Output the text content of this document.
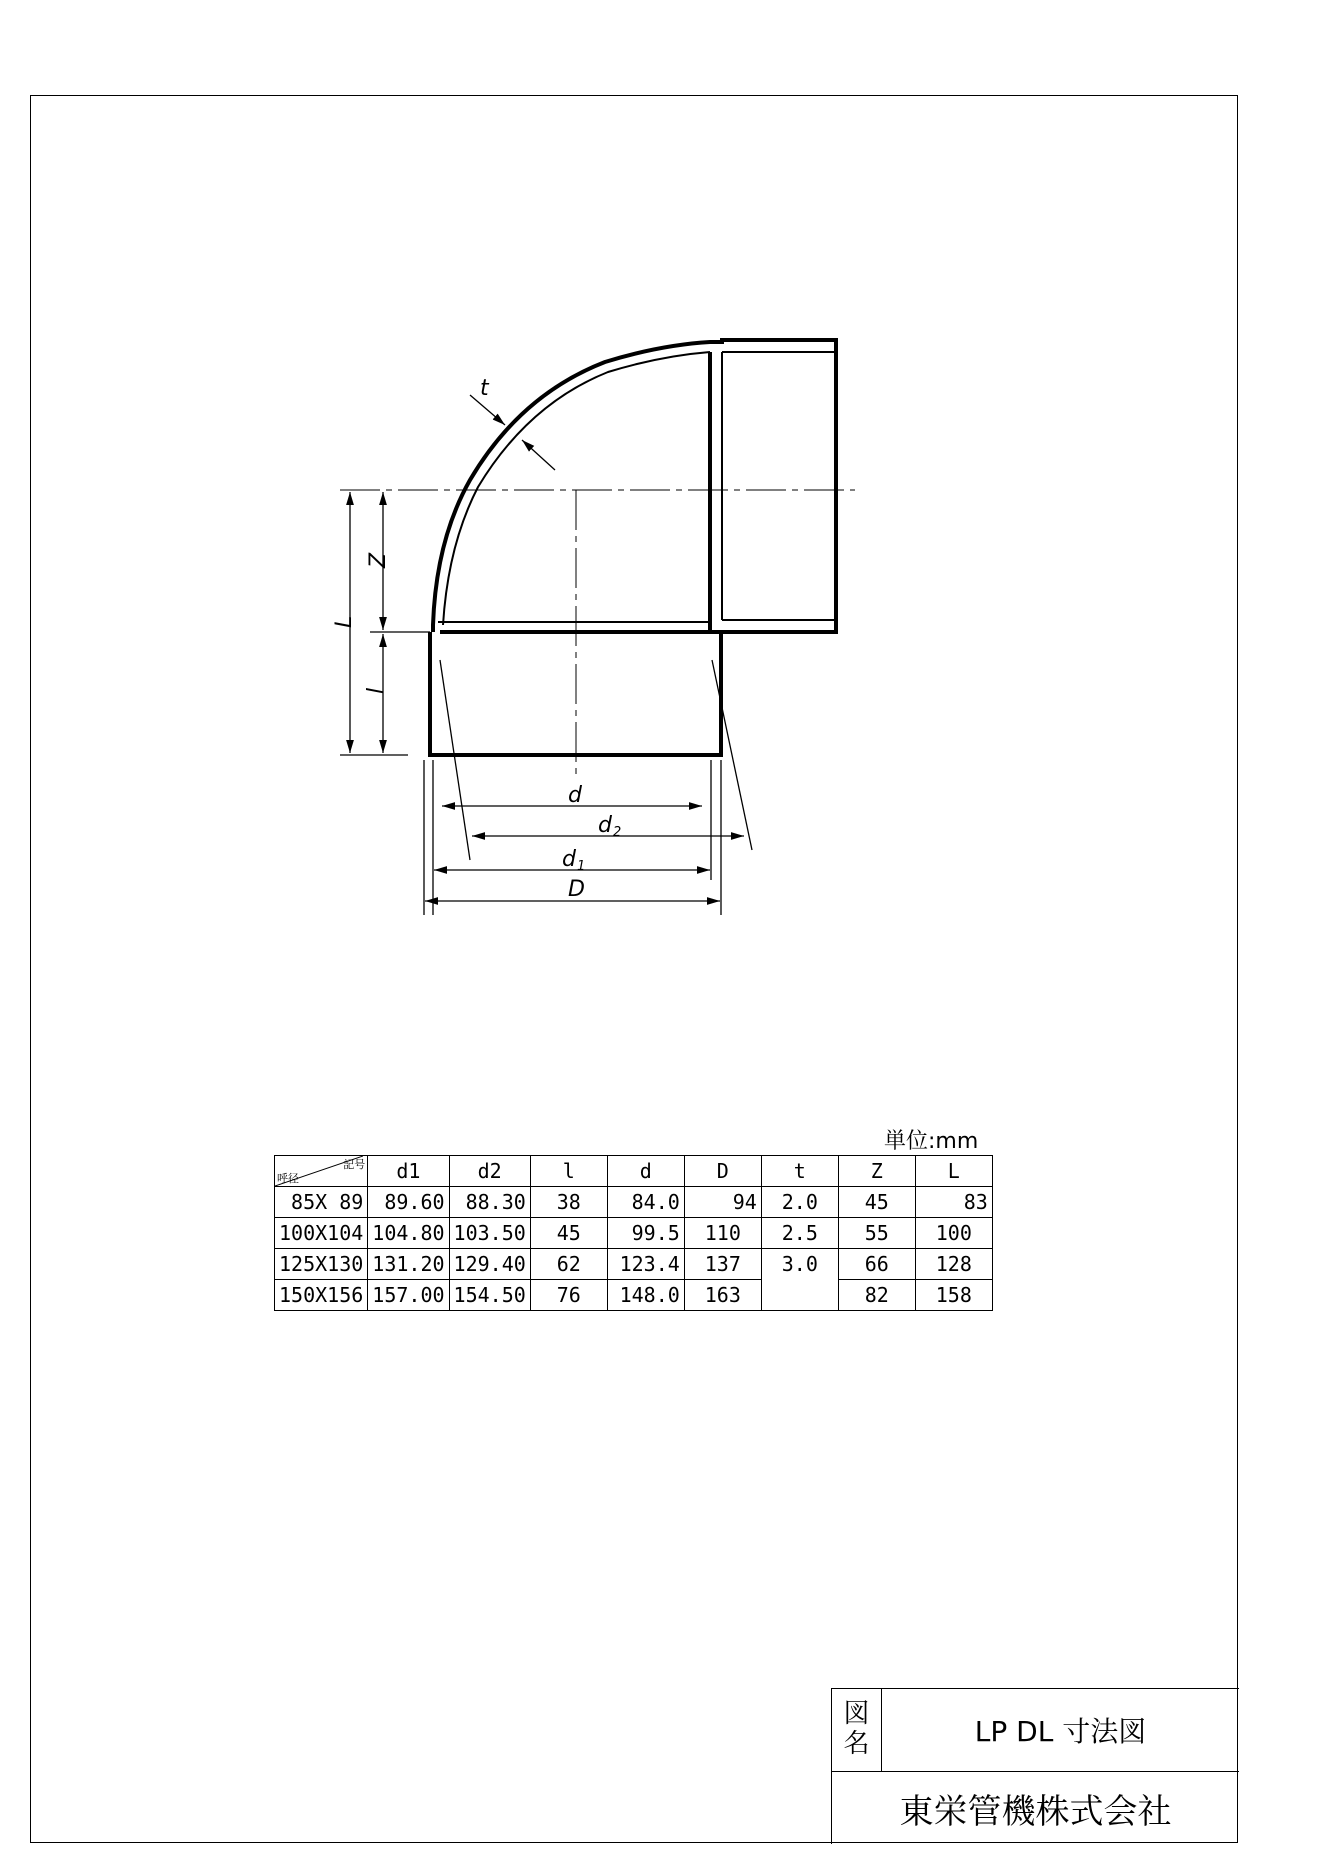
t
Z
L
l
d
d 2
d 1
D
単位:mm
記号
呼径	d1	d2	l	d	D	t	Z	L
85X 89	89.60	88.30	38	84.0	94	2.0	45	83
100X104	104.80	103.50	45	99.5	110	2.5	55	100
125X130	131.20	129.40	62	123.4	137	3.0	66	128
150X156	157.00	154.50	76	148.0	163		82	158
図名	LP DL 寸法図
東栄管機株式会社
